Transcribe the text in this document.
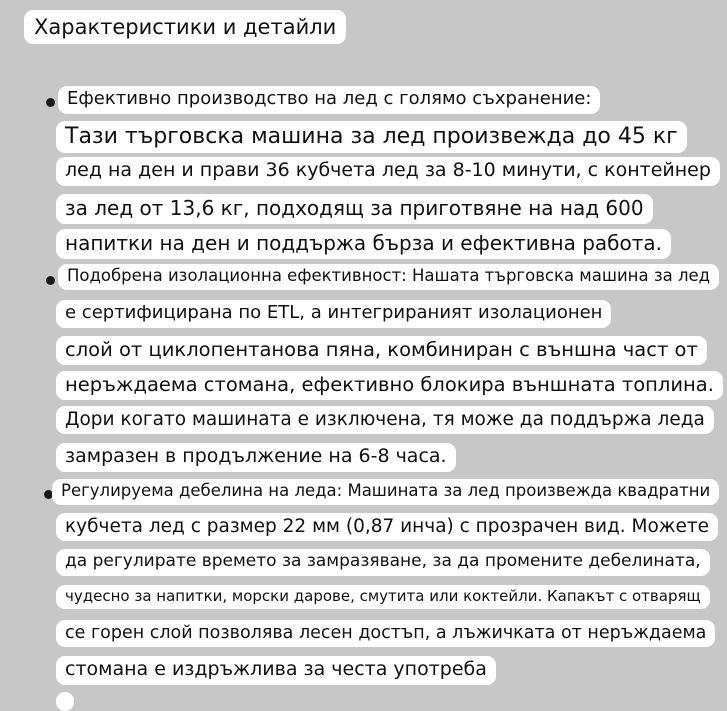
Характеристики и детайли
Ефективно производство на лед с голямо съхранение:
Тази търговска машина за лед произвежда до 45 кг
лед на ден и прави 36 кубчета лед за 8-10 минути, с контейнер
за лед от 13,6 кг, подходящ за приготвяне на над 600
напитки на ден и поддържа бърза и ефективна работа.
Подобрена изолационна ефективност: Нашата търговска машина за лед
е сертифицирана по ETL, а интегрираният изолационен
слой от циклопентанова пяна, комбиниран с външна част от
неръждаема стомана, ефективно блокира външната топлина.
Дори когато машината е изключена, тя може да поддържа леда
замразен в продължение на 6-8 часа.
Регулируема дебелина на леда: Машината за лед произвежда квадратни
кубчета лед с размер 22 мм (0,87 инча) с прозрачен вид. Можете
да регулирате времето за замразяване, за да промените дебелината,
чудесно за напитки, морски дарове, смутита или коктейли. Капакът с отварящ
се горен слой позволява лесен достъп, а лъжичката от неръждаема
стомана е издръжлива за честа употреба
